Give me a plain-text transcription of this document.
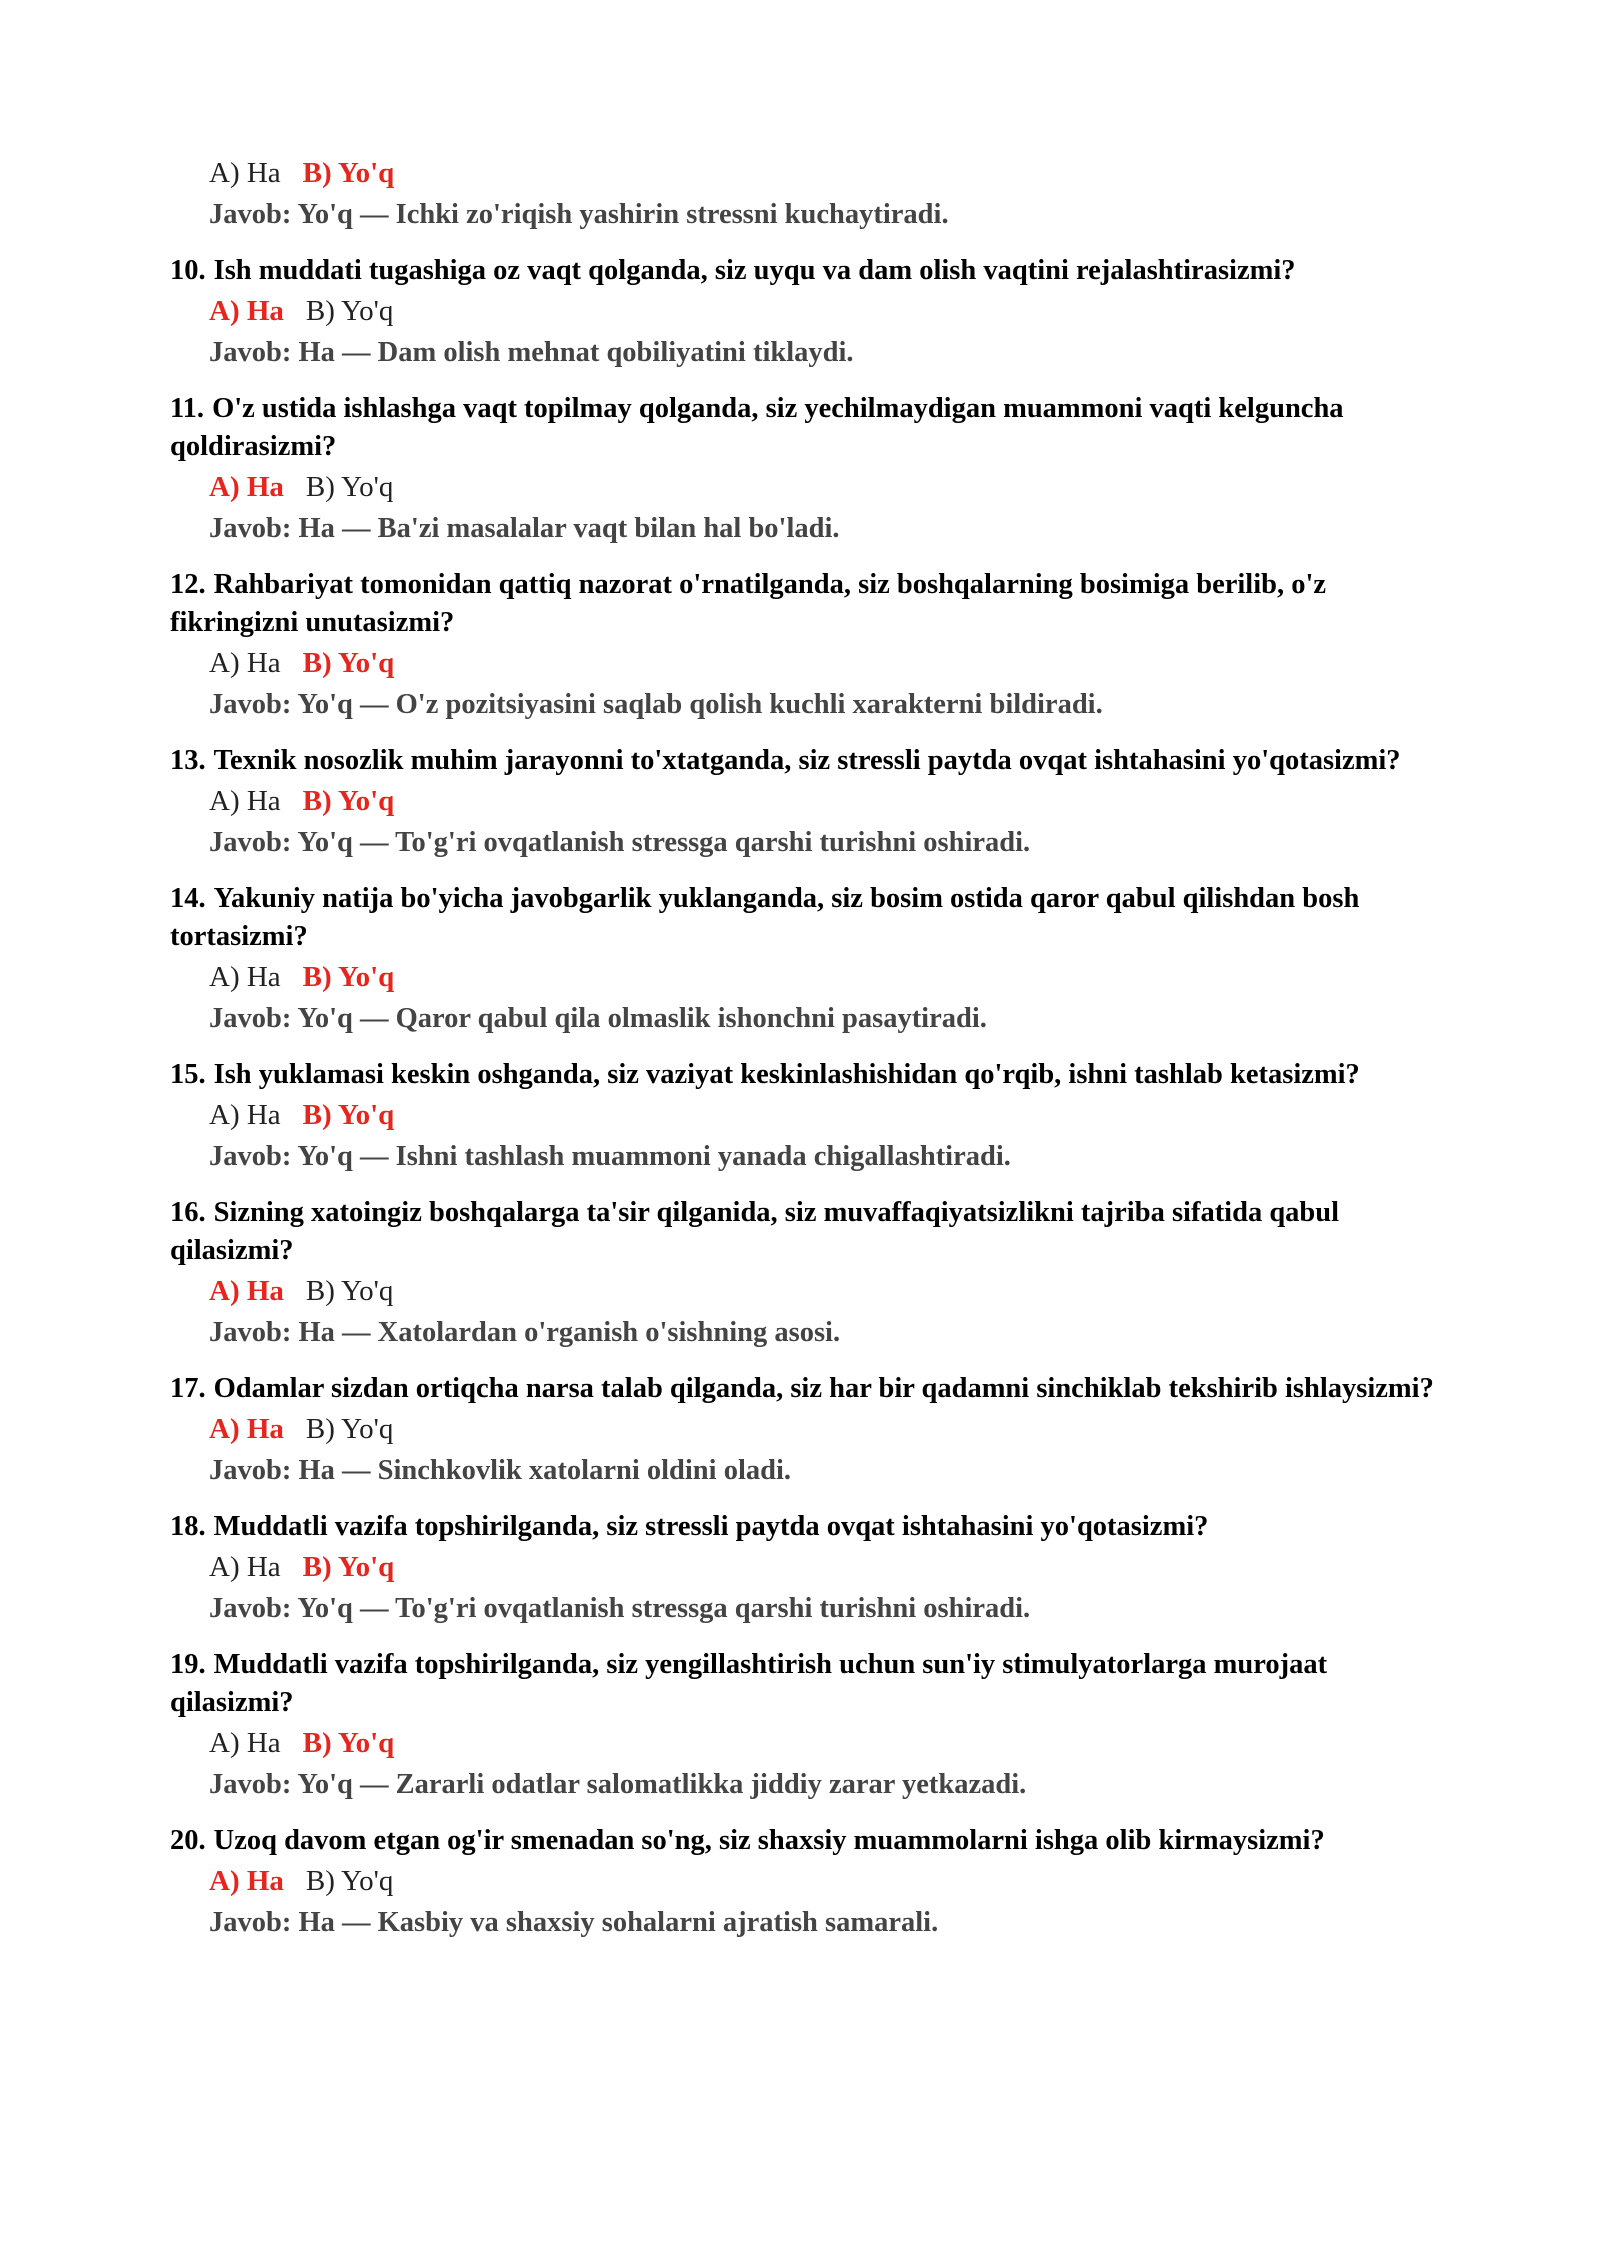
A) Ha B) Yo'q
Javob: Yo'q — Ichki zo'riqish yashirin stressni kuchaytiradi.
10. Ish muddati tugashiga oz vaqt qolganda, siz uyqu va dam olish vaqtini rejalashtirasizmi?
A) Ha B) Yo'q
Javob: Ha — Dam olish mehnat qobiliyatini tiklaydi.
11. O'z ustida ishlashga vaqt topilmay qolganda, siz yechilmaydigan muammoni vaqti kelguncha qoldirasizmi?
A) Ha B) Yo'q
Javob: Ha — Ba'zi masalalar vaqt bilan hal bo'ladi.
12. Rahbariyat tomonidan qattiq nazorat o'rnatilganda, siz boshqalarning bosimiga berilib, o'z fikringizni unutasizmi?
A) Ha B) Yo'q
Javob: Yo'q — O'z pozitsiyasini saqlab qolish kuchli xarakterni bildiradi.
13. Texnik nosozlik muhim jarayonni to'xtatganda, siz stressli paytda ovqat ishtahasini yo'qotasizmi?
A) Ha B) Yo'q
Javob: Yo'q — To'g'ri ovqatlanish stressga qarshi turishni oshiradi.
14. Yakuniy natija bo'yicha javobgarlik yuklanganda, siz bosim ostida qaror qabul qilishdan bosh tortasizmi?
A) Ha B) Yo'q
Javob: Yo'q — Qaror qabul qila olmaslik ishonchni pasaytiradi.
15. Ish yuklamasi keskin oshganda, siz vaziyat keskinlashishidan qo'rqib, ishni tashlab ketasizmi?
A) Ha B) Yo'q
Javob: Yo'q — Ishni tashlash muammoni yanada chigallashtiradi.
16. Sizning xatoingiz boshqalarga ta'sir qilganida, siz muvaffaqiyatsizlikni tajriba sifatida qabul qilasizmi?
A) Ha B) Yo'q
Javob: Ha — Xatolardan o'rganish o'sishning asosi.
17. Odamlar sizdan ortiqcha narsa talab qilganda, siz har bir qadamni sinchiklab tekshirib ishlaysizmi?
A) Ha B) Yo'q
Javob: Ha — Sinchkovlik xatolarni oldini oladi.
18. Muddatli vazifa topshirilganda, siz stressli paytda ovqat ishtahasini yo'qotasizmi?
A) Ha B) Yo'q
Javob: Yo'q — To'g'ri ovqatlanish stressga qarshi turishni oshiradi.
19. Muddatli vazifa topshirilganda, siz yengillashtirish uchun sun'iy stimulyatorlarga murojaat qilasizmi?
A) Ha B) Yo'q
Javob: Yo'q — Zararli odatlar salomatlikka jiddiy zarar yetkazadi.
20. Uzoq davom etgan og'ir smenadan so'ng, siz shaxsiy muammolarni ishga olib kirmaysizmi?
A) Ha B) Yo'q
Javob: Ha — Kasbiy va shaxsiy sohalarni ajratish samarali.
